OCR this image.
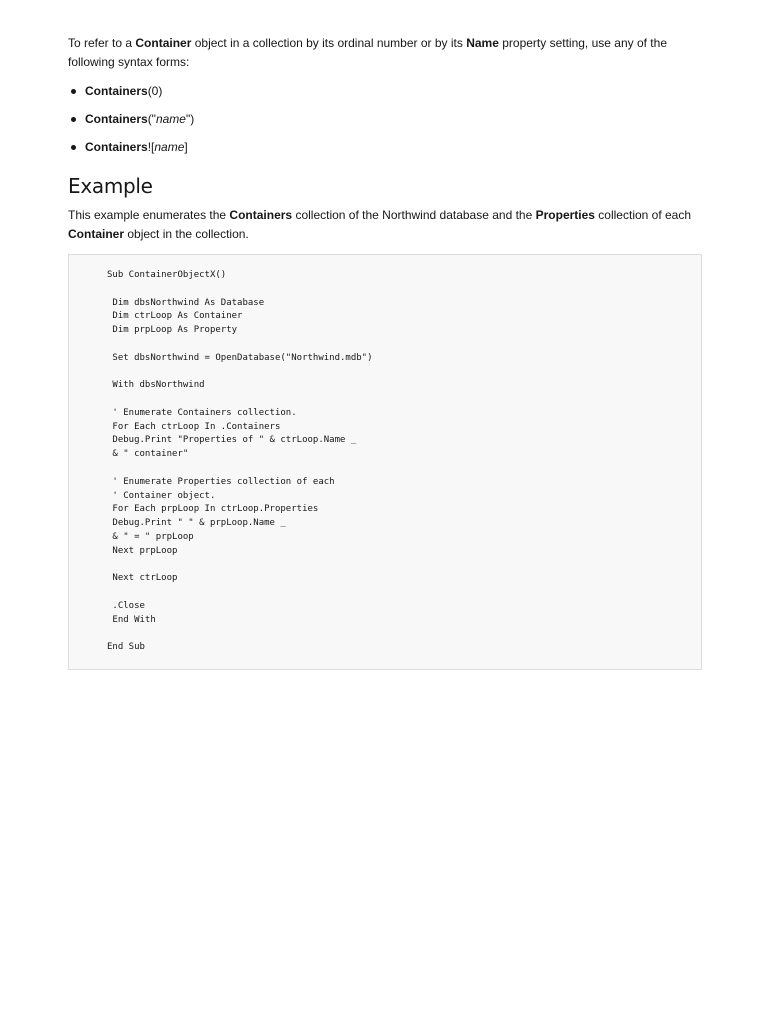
To refer to a Container object in a collection by its ordinal number or by its Name property setting, use any of the following syntax forms:

Containers(0)
Containers("name")
Containers![name]
Example

This example enumerates the Containers collection of the Northwind database and the Properties collection of each Container object in the collection.

Sub ContainerObjectX()

Dim dbsNorthwind As Database
Dim ctrLoop As Container
Dim prpLoop As Property

Set dbsNorthwind = OpenDatabase("Northwind.mdb")

With dbsNorthwind

' Enumerate Containers collection.
For Each ctrLoop In .Containers
Debug.Print "Properties of " & ctrLoop.Name _
& " container"

' Enumerate Properties collection of each
' Container object.
For Each prpLoop In ctrLoop.Properties
Debug.Print " " & prpLoop.Name _
& " = " prpLoop
Next prpLoop

Next ctrLoop

.Close
End With

End Sub
